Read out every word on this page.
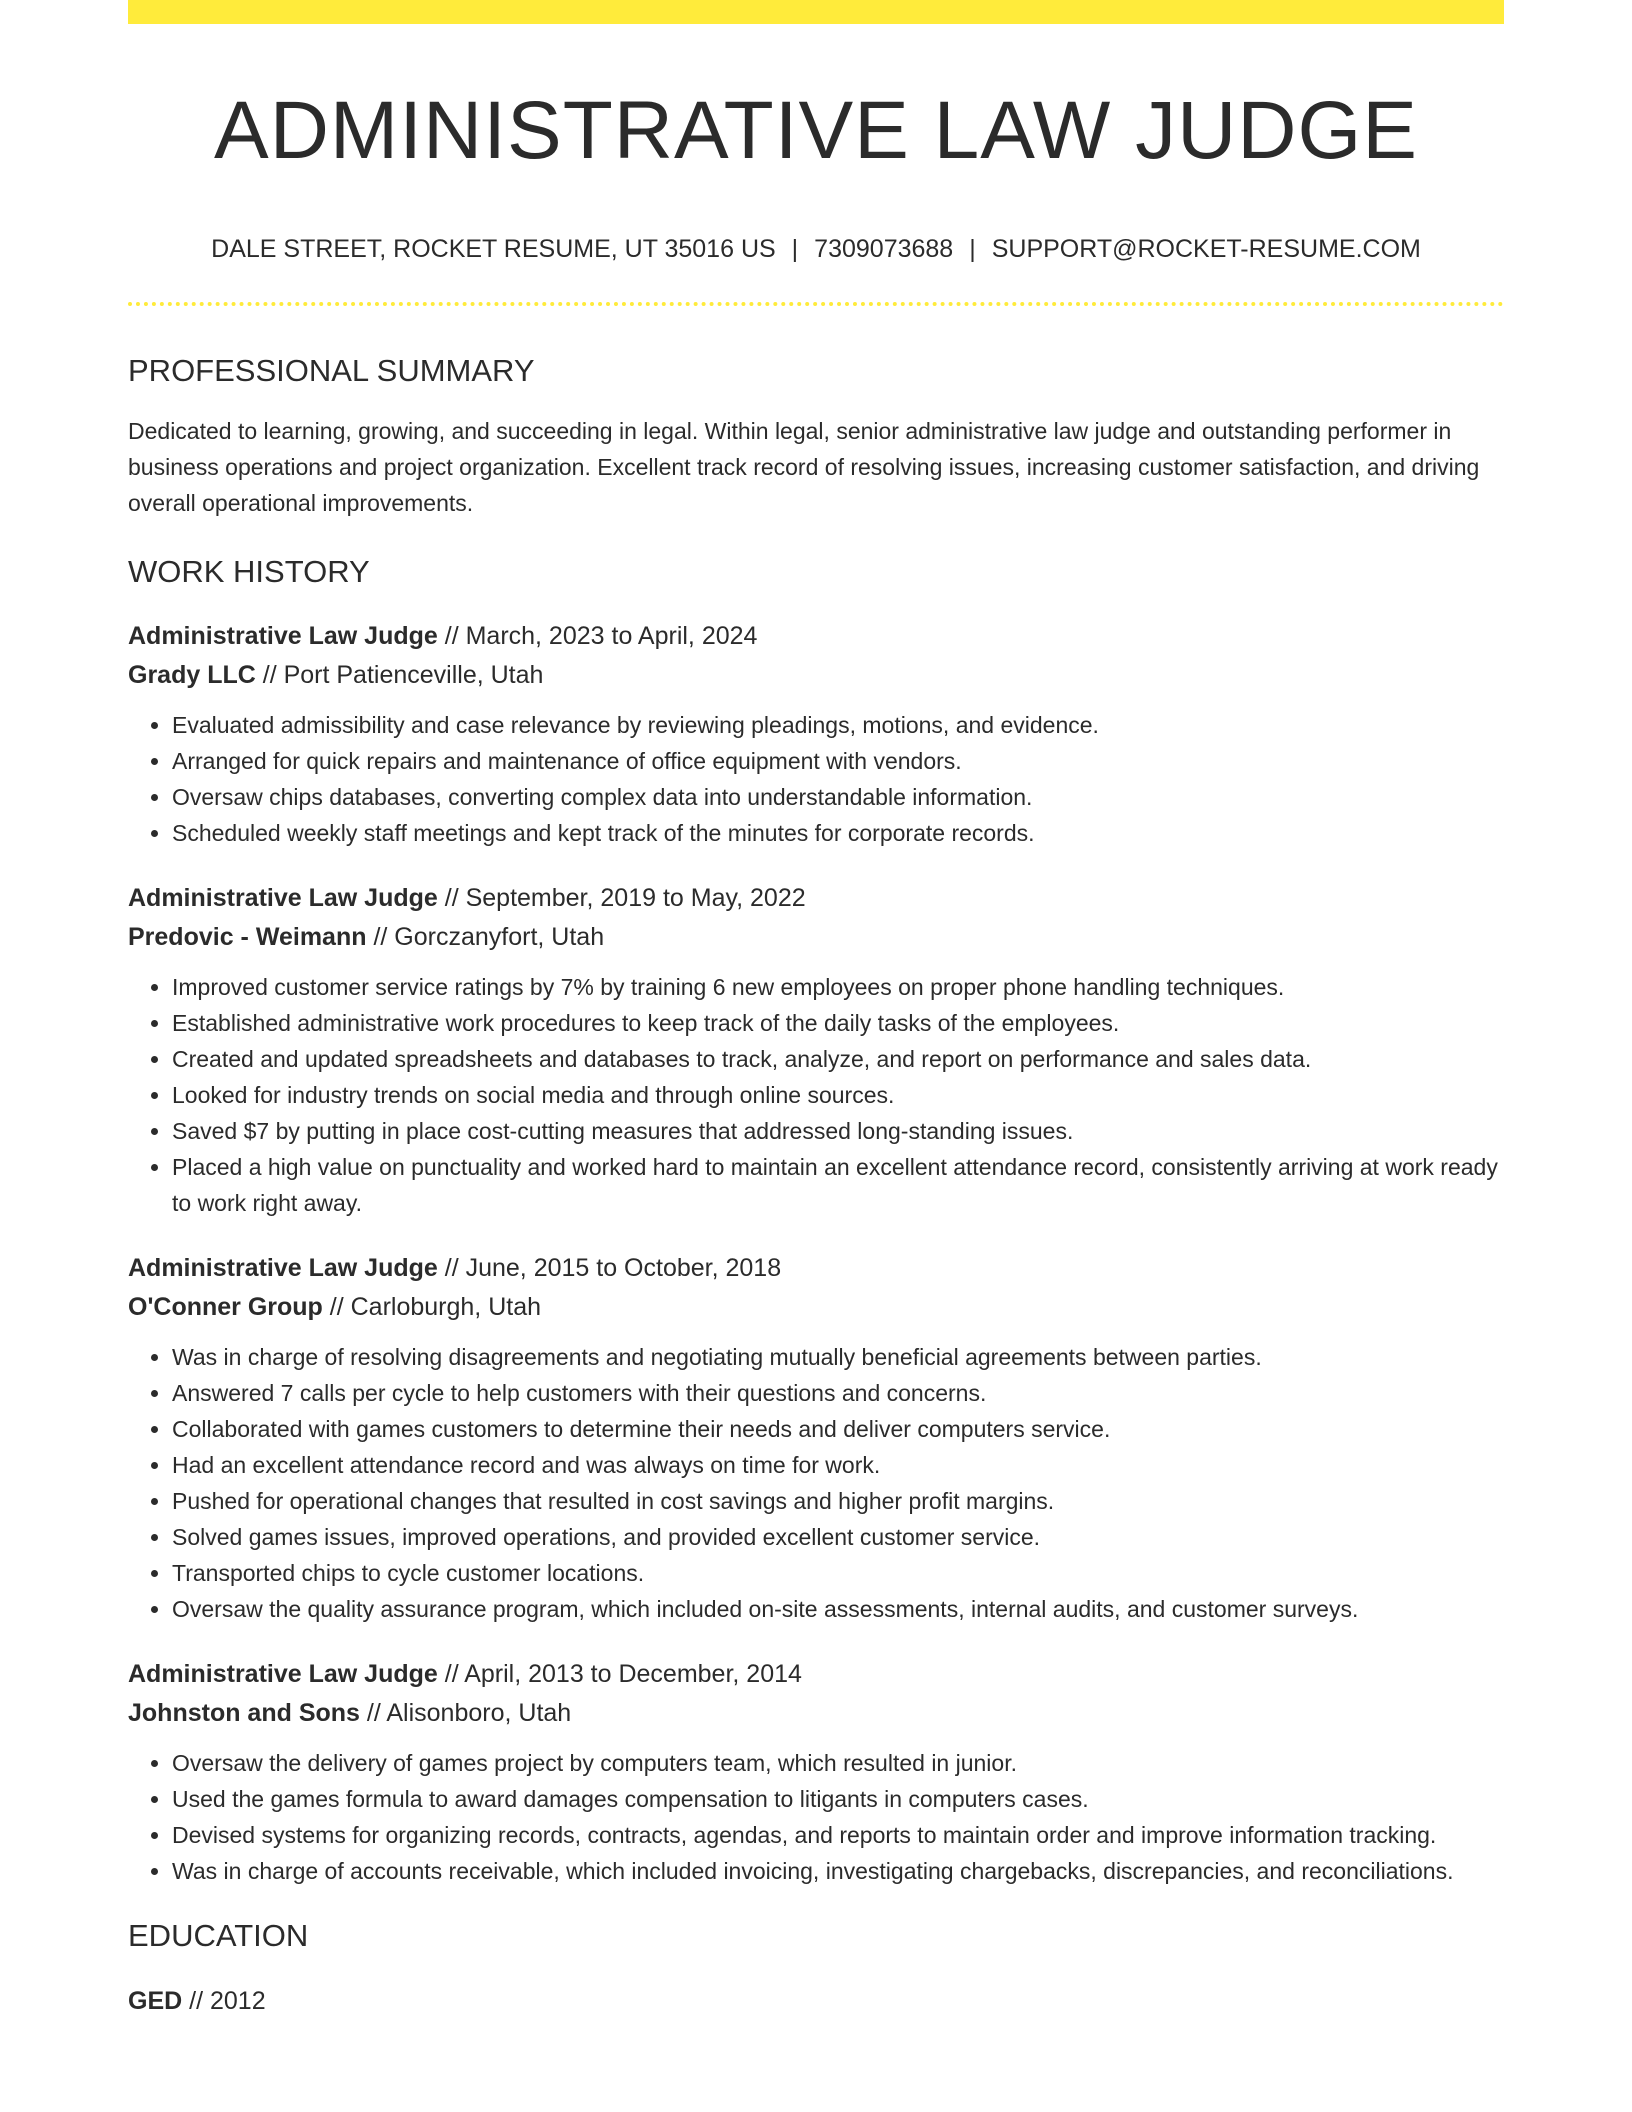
ADMINISTRATIVE LAW JUDGE
DALE STREET, ROCKET RESUME, UT 35016 US | 7309073688 | SUPPORT@ROCKET-RESUME.COM
PROFESSIONAL SUMMARY
Dedicated to learning, growing, and succeeding in legal. Within legal, senior administrative law judge and outstanding performer in business operations and project organization. Excellent track record of resolving issues, increasing customer satisfaction, and driving overall operational improvements.
WORK HISTORY
Administrative Law Judge // March, 2023 to April, 2024
Grady LLC // Port Patienceville, Utah
• Evaluated admissibility and case relevance by reviewing pleadings, motions, and evidence.
• Arranged for quick repairs and maintenance of office equipment with vendors.
• Oversaw chips databases, converting complex data into understandable information.
• Scheduled weekly staff meetings and kept track of the minutes for corporate records.
Administrative Law Judge // September, 2019 to May, 2022
Predovic - Weimann // Gorczanyfort, Utah
• Improved customer service ratings by 7% by training 6 new employees on proper phone handling techniques.
• Established administrative work procedures to keep track of the daily tasks of the employees.
• Created and updated spreadsheets and databases to track, analyze, and report on performance and sales data.
• Looked for industry trends on social media and through online sources.
• Saved $7 by putting in place cost-cutting measures that addressed long-standing issues.
• Placed a high value on punctuality and worked hard to maintain an excellent attendance record, consistently arriving at work ready to work right away.
Administrative Law Judge // June, 2015 to October, 2018
O'Conner Group // Carloburgh, Utah
• Was in charge of resolving disagreements and negotiating mutually beneficial agreements between parties.
• Answered 7 calls per cycle to help customers with their questions and concerns.
• Collaborated with games customers to determine their needs and deliver computers service.
• Had an excellent attendance record and was always on time for work.
• Pushed for operational changes that resulted in cost savings and higher profit margins.
• Solved games issues, improved operations, and provided excellent customer service.
• Transported chips to cycle customer locations.
• Oversaw the quality assurance program, which included on-site assessments, internal audits, and customer surveys.
Administrative Law Judge // April, 2013 to December, 2014
Johnston and Sons // Alisonboro, Utah
• Oversaw the delivery of games project by computers team, which resulted in junior.
• Used the games formula to award damages compensation to litigants in computers cases.
• Devised systems for organizing records, contracts, agendas, and reports to maintain order and improve information tracking.
• Was in charge of accounts receivable, which included invoicing, investigating chargebacks, discrepancies, and reconciliations.
EDUCATION
GED // 2012
